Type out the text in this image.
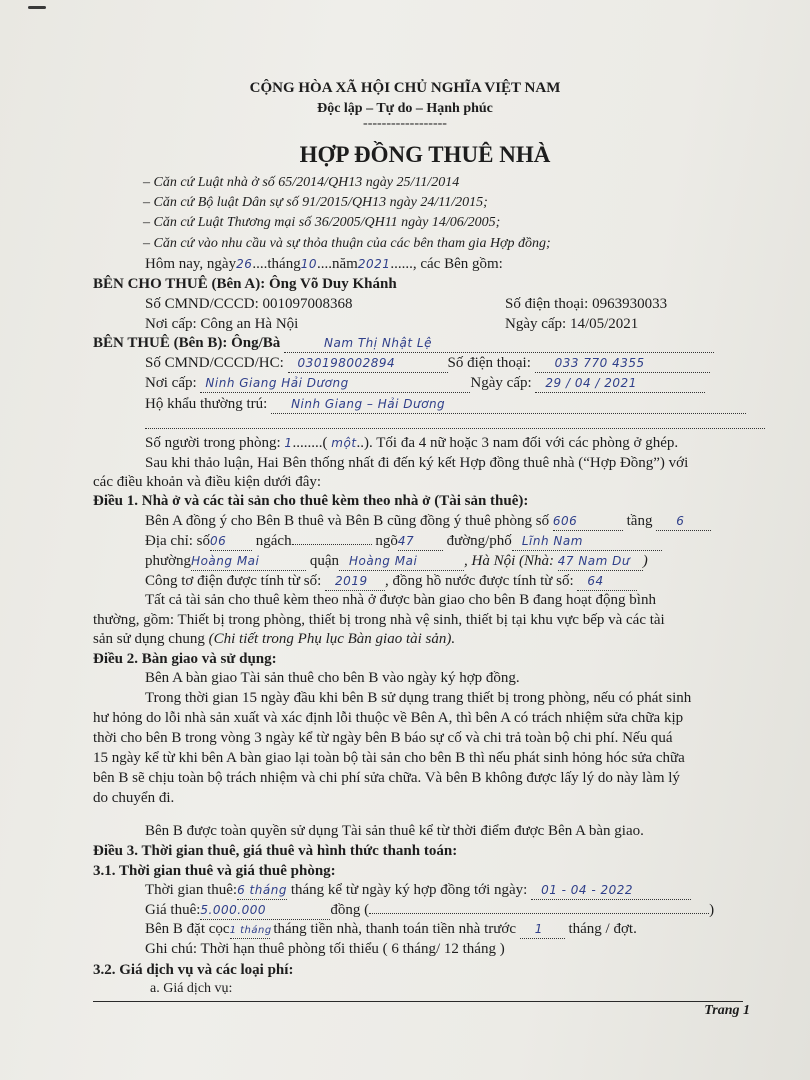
CỘNG HÒA XÃ HỘI CHỦ NGHĨA VIỆT NAM
Độc lập – Tự do – Hạnh phúc
------------------
HỢP ĐỒNG THUÊ NHÀ
– Căn cứ Luật nhà ở số 65/2014/QH13 ngày 25/11/2014
– Căn cứ Bộ luật Dân sự số 91/2015/QH13 ngày 24/11/2015;
– Căn cứ Luật Thương mại số 36/2005/QH11 ngày 14/06/2005;
– Căn cứ vào nhu cầu và sự thỏa thuận của các bên tham gia Hợp đồng;
Hôm nay, ngày26....tháng10....năm2021......, các Bên gồm:
BÊN CHO THUÊ (Bên A): Ông Võ Duy Khánh
Số CMND/CCCD: 001097008368	Số điện thoại: 0963930033
Nơi cấp: Công an Hà Nội	Ngày cấp: 14/05/2021
BÊN THUÊ (Bên B): Ông/Bà	Nam Thị Nhật Lệ
Số CMND/CCCD/HC: 030198002894	Số điện thoại: 033 770 4355
Nơi cấp: Ninh Giang Hải Dương	Ngày cấp: 29 / 04 / 2021
Hộ khẩu thường trú: Ninh Giang – Hải Dương
Số người trong phòng: 1........( một..). Tối đa 4 nữ hoặc 3 nam đối với các phòng ở ghép.
Sau khi thảo luận, Hai Bên thống nhất đi đến ký kết Hợp đồng thuê nhà (“Hợp Đồng”) với
các điều khoản và điều kiện dưới đây:
Điều 1. Nhà ở và các tài sản cho thuê kèm theo nhà ở (Tài sản thuê):
Bên A đồng ý cho Bên B thuê và Bên B cũng đồng ý thuê phòng số 606	tầng 6
Địa chỉ: số06 ngách	ngõ47 đường/phố Lĩnh Nam
phườngHoàng Mai	quận Hoàng Mai	, Hà Nội (Nhà: 47 Nam Dư )
Công tơ điện được tính từ số: 2019 , đồng hồ nước được tính từ số: 64
Tất cả tài sản cho thuê kèm theo nhà ở được bàn giao cho bên B đang hoạt động bình
thường, gồm: Thiết bị trong phòng, thiết bị trong nhà vệ sinh, thiết bị tại khu vực bếp và các tài
sản sử dụng chung (Chi tiết trong Phụ lục Bàn giao tài sản).
Điều 2. Bàn giao và sử dụng:
Bên A bàn giao Tài sản thuê cho bên B vào ngày ký hợp đồng.
Trong thời gian 15 ngày đầu khi bên B sử dụng trang thiết bị trong phòng, nếu có phát sinh
hư hỏng do lỗi nhà sản xuất và xác định lỗi thuộc về Bên A, thì bên A có trách nhiệm sửa chữa kịp
thời cho bên B trong vòng 3 ngày kể từ ngày bên B báo sự cố và chi trả toàn bộ chi phí. Nếu quá
15 ngày kể từ khi bên A bàn giao lại toàn bộ tài sản cho bên B thì nếu phát sinh hỏng hóc sửa chữa
bên B sẽ chịu toàn bộ trách nhiệm và chi phí sửa chữa. Và bên B không được lấy lý do này làm lý
do chuyển đi.
Bên B được toàn quyền sử dụng Tài sản thuê kể từ thời điểm được Bên A bàn giao.
Điều 3. Thời gian thuê, giá thuê và hình thức thanh toán:
3.1. Thời gian thuê và giá thuê phòng:
Thời gian thuê:6 tháng tháng kể từ ngày ký hợp đồng tới ngày: 01 - 04 - 2022
Giá thuê:5.000.000	đồng (	)
Bên B đặt cọc1 tháng tháng tiền nhà, thanh toán tiền nhà trước 1 tháng / đợt.
Ghi chú: Thời hạn thuê phòng tối thiểu ( 6 tháng/ 12 tháng )
3.2. Giá dịch vụ và các loại phí:
a. Giá dịch vụ:
Trang 1
